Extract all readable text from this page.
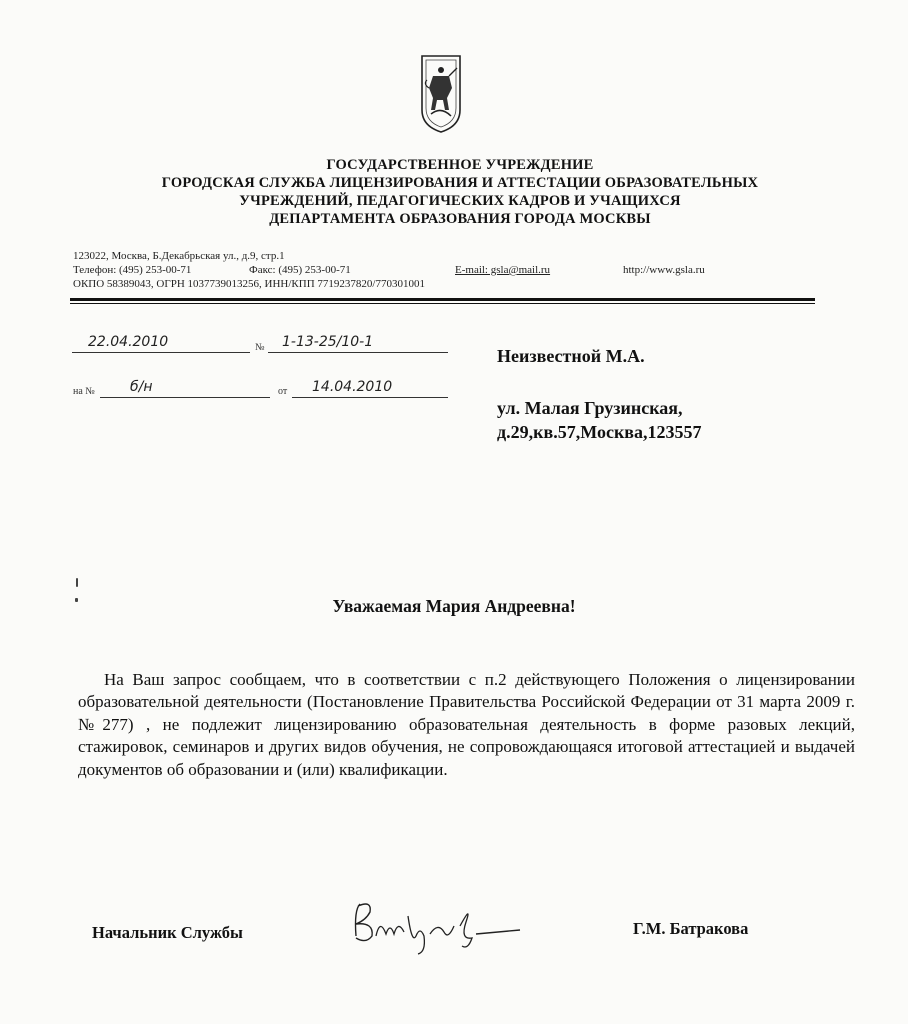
ГОСУДАРСТВЕННОЕ УЧРЕЖДЕНИЕ
ГОРОДСКАЯ СЛУЖБА ЛИЦЕНЗИРОВАНИЯ И АТТЕСТАЦИИ ОБРАЗОВАТЕЛЬНЫХ
УЧРЕЖДЕНИЙ, ПЕДАГОГИЧЕСКИХ КАДРОВ И УЧАЩИХСЯ
ДЕПАРТАМЕНТА ОБРАЗОВАНИЯ ГОРОДА МОСКВЫ
123022, Москва, Б.Декабрьская ул., д.9, стр.1
Телефон: (495) 253-00-71	Факс: (495) 253-00-71	E-mail: gsla@mail.ru	http://www.gsla.ru
ОКПО 58389043, ОГРН 1037739013256, ИНН/КПП 7719237820/770301001
22.04.2010	№ 1-13-25/10-1
на №	б/н	от 14.04.2010
Неизвестной М.А.
ул. Малая Грузинская,
д.29,кв.57,Москва,123557
Уважаемая Мария Андреевна!
На Ваш запрос сообщаем, что в соответствии с п.2 действующего Положения о лицензировании образовательной деятельности (Постановление Правительства Российской Федерации от 31 марта 2009 г. №277) , не подлежит лицензированию образовательная деятельность в форме разовых лекций, стажировок, семинаров и других видов обучения, не сопровождающаяся итоговой аттестацией и выдачей документов об образовании и (или) квалификации.
Начальник Службы	Г.М. Батракова
